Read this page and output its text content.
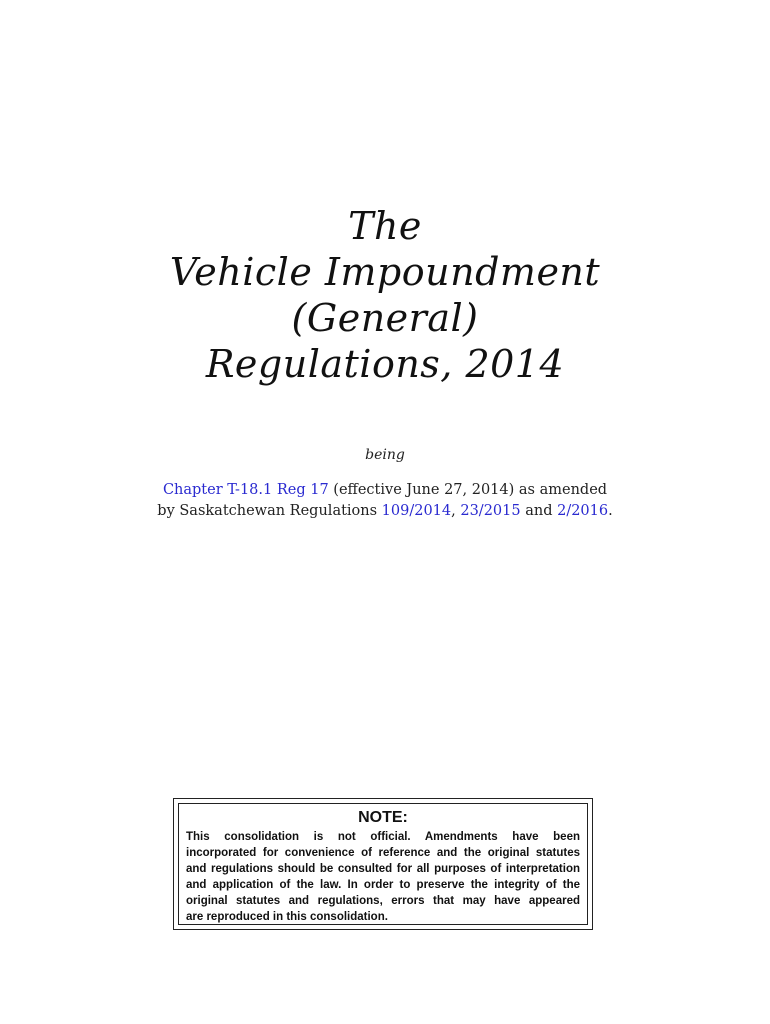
The
Vehicle Impoundment
(General)
Regulations, 2014
being
Chapter T-18.1 Reg 17 (effective June 27, 2014) as amended
by Saskatchewan Regulations 109/2014, 23/2015 and 2/2016.
NOTE:
This consolidation is not official. Amendments have been
incorporated for convenience of reference and the original statutes
and regulations should be consulted for all purposes of interpretation
and application of the law. In order to preserve the integrity of the
original statutes and regulations, errors that may have appeared
are reproduced in this consolidation.
